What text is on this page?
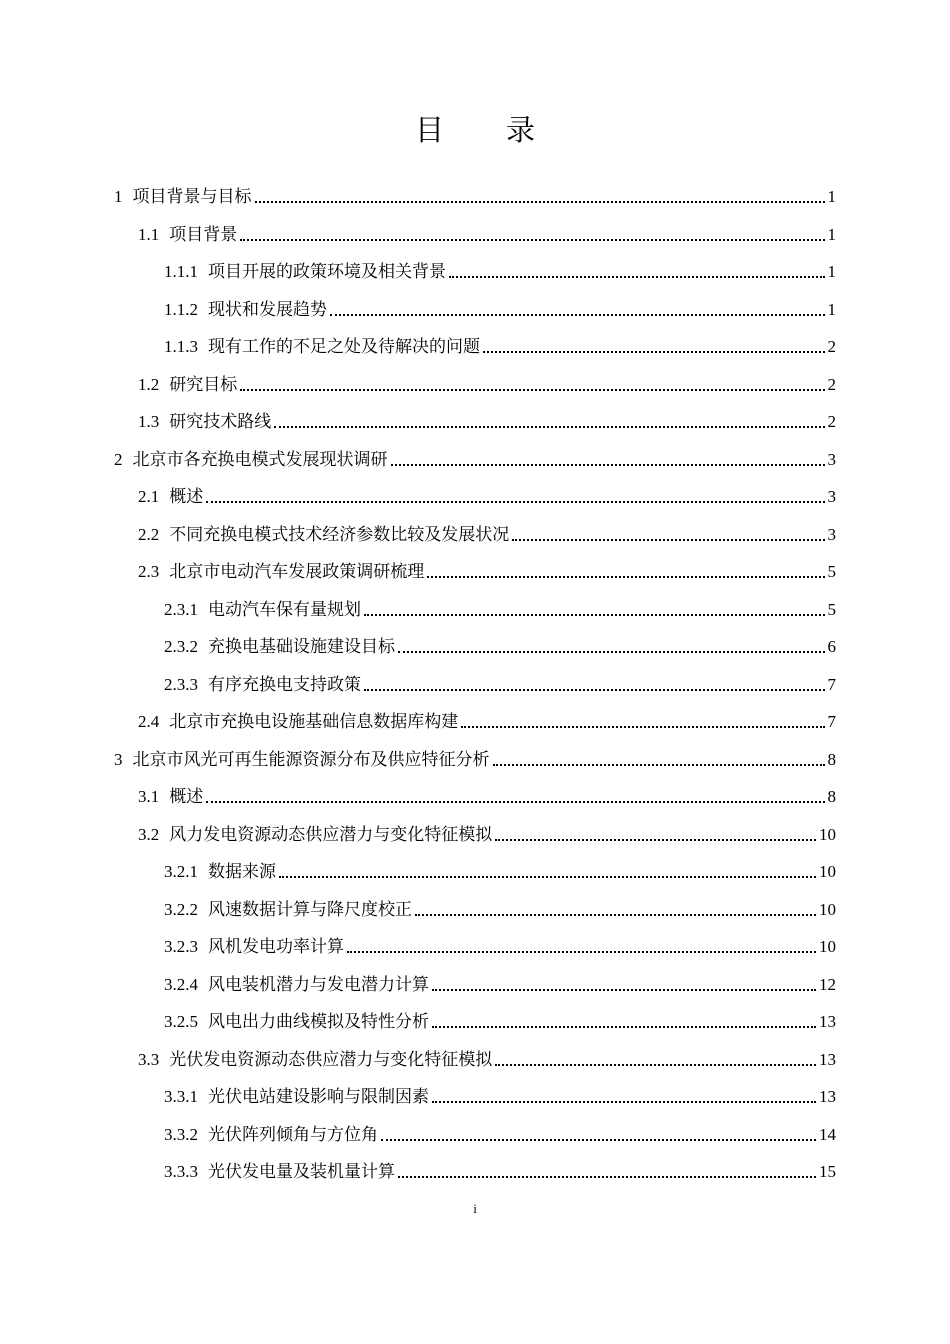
目录
1 项目背景与目标	1
1.1 项目背景	1
1.1.1 项目开展的政策环境及相关背景	1
1.1.2 现状和发展趋势	1
1.1.3 现有工作的不足之处及待解决的问题	2
1.2 研究目标	2
1.3 研究技术路线	2
2 北京市各充换电模式发展现状调研	3
2.1 概述	3
2.2 不同充换电模式技术经济参数比较及发展状况	3
2.3 北京市电动汽车发展政策调研梳理	5
2.3.1 电动汽车保有量规划	5
2.3.2 充换电基础设施建设目标	6
2.3.3 有序充换电支持政策	7
2.4 北京市充换电设施基础信息数据库构建	7
3 北京市风光可再生能源资源分布及供应特征分析	8
3.1 概述	8
3.2 风力发电资源动态供应潜力与变化特征模拟	10
3.2.1 数据来源	10
3.2.2 风速数据计算与降尺度校正	10
3.2.3 风机发电功率计算	10
3.2.4 风电装机潜力与发电潜力计算	12
3.2.5 风电出力曲线模拟及特性分析	13
3.3 光伏发电资源动态供应潜力与变化特征模拟	13
3.3.1 光伏电站建设影响与限制因素	13
3.3.2 光伏阵列倾角与方位角	14
3.3.3 光伏发电量及装机量计算	15
i
